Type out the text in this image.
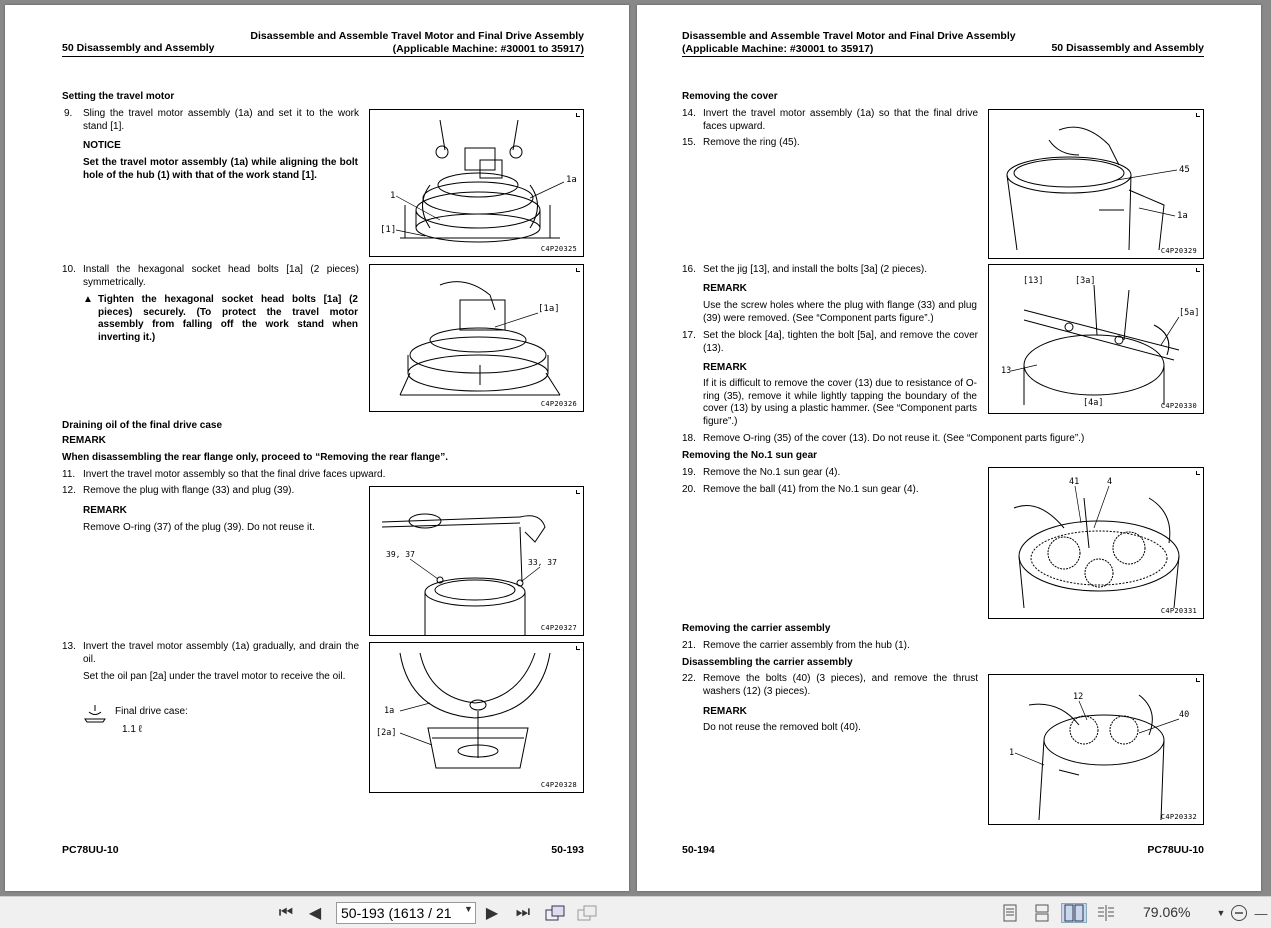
50 Disassembly and Assembly
Disassemble and Assemble Travel Motor and Final Drive Assembly
(Applicable Machine: #30001 to 35917)
Setting the travel motor
9. Sling the travel motor assembly (1a) and set it to the work stand [1].
NOTICE
Set the travel motor assembly (1a) while aligning the bolt hole of the hub (1) with that of the work stand [1].
1
1a
[1]
C4P20325
10. Install the hexagonal socket head bolts [1a] (2 pieces) symmetrically.
▲ Tighten the hexagonal socket head bolts [1a] (2 pieces) securely. (To protect the travel motor assembly from falling off the work stand when inverting it.)
[1a]
C4P20326
Draining oil of the final drive case
REMARK
When disassembling the rear flange only, proceed to “Removing the rear flange”.
11. Invert the travel motor assembly so that the final drive faces upward.
12. Remove the plug with flange (33) and plug (39).
REMARK
Remove O-ring (37) of the plug (39). Do not reuse it.
39, 37
33, 37
C4P20327
13. Invert the travel motor assembly (1a) gradually, and drain the oil.
Set the oil pan [2a] under the travel motor to receive the oil.
Final drive case:
1.1 ℓ
1a
[2a]
C4P20328
PC78UU-10	50-193
Disassemble and Assemble Travel Motor and Final Drive Assembly
(Applicable Machine: #30001 to 35917)	50 Disassembly and Assembly
Removing the cover
14. Invert the travel motor assembly (1a) so that the final drive faces upward.
15. Remove the ring (45).
45
1a
C4P20329
16. Set the jig [13], and install the bolts [3a] (2 pieces).
REMARK
Use the screw holes where the plug with flange (33) and plug (39) were removed. (See “Component parts figure”.)
17. Set the block [4a], tighten the bolt [5a], and remove the cover (13).
REMARK
If it is difficult to remove the cover (13) due to resistance of O-ring (35), remove it while lightly tapping the boundary of the cover (13) by using a plastic hammer. (See “Component parts figure”.)
[13]	[3a]
[5a]
13
[4a]	C4P20330
18. Remove O-ring (35) of the cover (13). Do not reuse it. (See “Component parts figure”.)
Removing the No.1 sun gear
19. Remove the No.1 sun gear (4).
20. Remove the ball (41) from the No.1 sun gear (4).
41	4
C4P20331
Removing the carrier assembly
21. Remove the carrier assembly from the hub (1).
Disassembling the carrier assembly
22. Remove the bolts (40) (3 pieces), and remove the thrust washers (12) (3 pieces).
REMARK
Do not reuse the removed bolt (40).
12
40
1
C4P20332
50-194	PC78UU-10
⏮ ◀	50-193 (1613 / 21	▼ ▶ ⏭	79.06%	▼ —
